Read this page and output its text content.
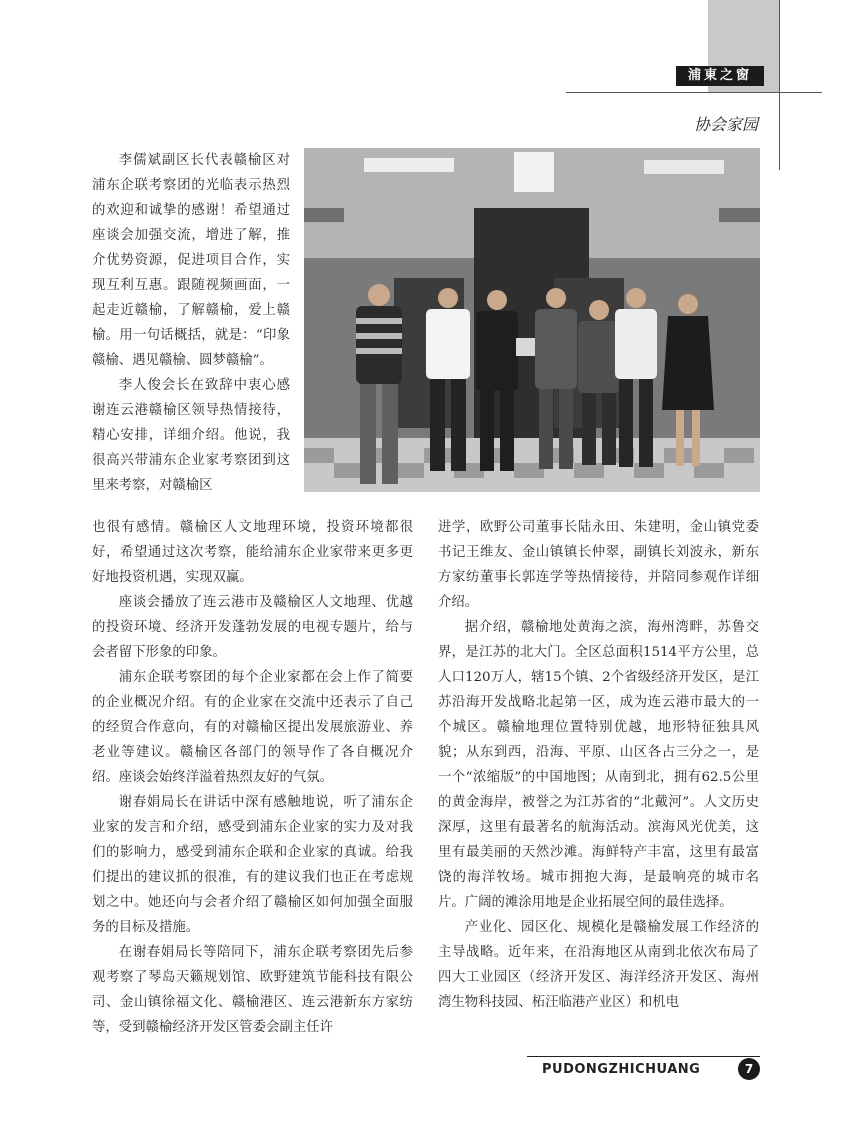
浦東之窗
协会家园

李儒斌副区长代表赣榆区对浦东企联考察团的光临表示热烈的欢迎和诚挚的感谢！希望通过座谈会加强交流，增进了解，推介优势资源，促进项目合作，实现互利互惠。跟随视频画面，一起走近赣榆，了解赣榆，爱上赣榆。用一句话概括，就是：“印象赣榆、遇见赣榆、圆梦赣榆”。

李人俊会长在致辞中衷心感谢连云港赣榆区领导热情接待，精心安排，详细介绍。他说，我很高兴带浦东企业家考察团到这里来考察，对赣榆区

也很有感情。赣榆区人文地理环境，投资环境都很好，希望通过这次考察，能给浦东企业家带来更多更好地投资机遇，实现双赢。

座谈会播放了连云港市及赣榆区人文地理、优越的投资环境、经济开发蓬勃发展的电视专题片，给与会者留下形象的印象。

浦东企联考察团的每个企业家都在会上作了简要的企业概况介绍。有的企业家在交流中还表示了自己的经贸合作意向，有的对赣榆区提出发展旅游业、养老业等建议。赣榆区各部门的领导作了各自概况介绍。座谈会始终洋溢着热烈友好的气氛。

谢春娟局长在讲话中深有感触地说，听了浦东企业家的发言和介绍，感受到浦东企业家的实力及对我们的影响力，感受到浦东企联和企业家的真诚。给我们提出的建议抓的很准，有的建议我们也正在考虑规划之中。她还向与会者介绍了赣榆区如何加强全面服务的目标及措施。

在谢春娟局长等陪同下，浦东企联考察团先后参观考察了琴岛天籁规划馆、欧野建筑节能科技有限公司、金山镇徐福文化、赣榆港区、连云港新东方家纺等，受到赣榆经济开发区管委会副主任许

进学，欧野公司董事长陆永田、朱建明，金山镇党委书记王维友、金山镇镇长仲翠，副镇长刘波永，新东方家纺董事长郭连学等热情接待，并陪同参观作详细介绍。

据介绍，赣榆地处黄海之滨，海州湾畔，苏鲁交界，是江苏的北大门。全区总面积1514平方公里，总人口120万人，辖15个镇、2个省级经济开发区，是江苏沿海开发战略北起第一区，成为连云港市最大的一个城区。赣榆地理位置特别优越，地形特征独具风貌；从东到西，沿海、平原、山区各占三分之一，是一个“浓缩版”的中国地图；从南到北，拥有62.5公里的黄金海岸，被誉之为江苏省的“北戴河”。人文历史深厚，这里有最著名的航海活动。滨海风光优美，这里有最美丽的天然沙滩。海鲜特产丰富，这里有最富饶的海洋牧场。城市拥抱大海，是最响亮的城市名片。广阔的滩涂用地是企业拓展空间的最佳选择。

产业化、园区化、规模化是赣榆发展工作经济的主导战略。近年来，在沿海地区从南到北依次布局了四大工业园区（经济开发区、海洋经济开发区、海州湾生物科技园、柘汪临港产业区）和机电

PUDONGZHICHUANG	7
